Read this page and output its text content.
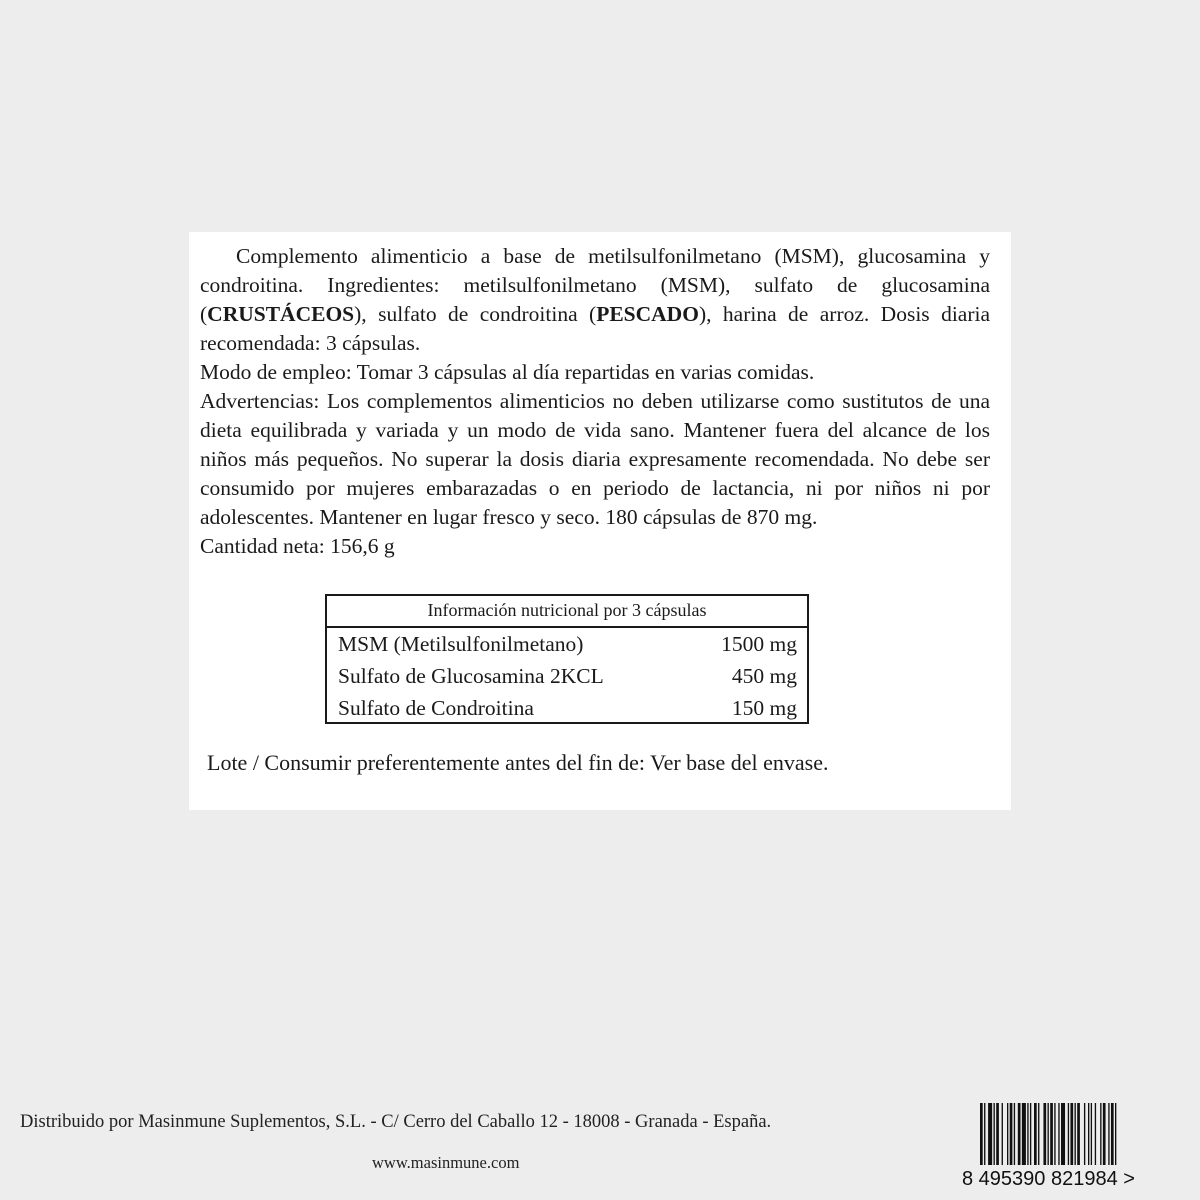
Complemento alimenticio a base de metilsulfonilmetano (MSM), glucosamina y condroitina. Ingredientes: metilsulfonilmetano (MSM), sulfato de glucosamina (CRUSTÁCEOS), sulfato de condroitina (PESCADO), harina de arroz. Dosis diaria recomendada: 3 cápsulas.

Modo de empleo: Tomar 3 cápsulas al día repartidas en varias comidas.

Advertencias: Los complementos alimenticios no deben utilizarse como sustitutos de una dieta equilibrada y variada y un modo de vida sano. Mantener fuera del alcance de los niños más pequeños. No superar la dosis diaria expresamente recomendada. No debe ser consumido por mujeres embarazadas o en periodo de lactancia, ni por niños ni por adolescentes. Mantener en lugar fresco y seco. 180 cápsulas de 870 mg.

Cantidad neta: 156,6 g

Información nutricional por 3 cápsulas
MSM (Metilsulfonilmetano)	1500 mg
Sulfato de Glucosamina 2KCL	450 mg
Sulfato de Condroitina	150 mg
Lote / Consumir preferentemente antes del fin de: Ver base del envase.
Distribuido por Masinmune Suplementos, S.L. - C/ Cerro del Caballo 12 - 18008 - Granada - España.
www.masinmune.com
8 495390 821984 >
